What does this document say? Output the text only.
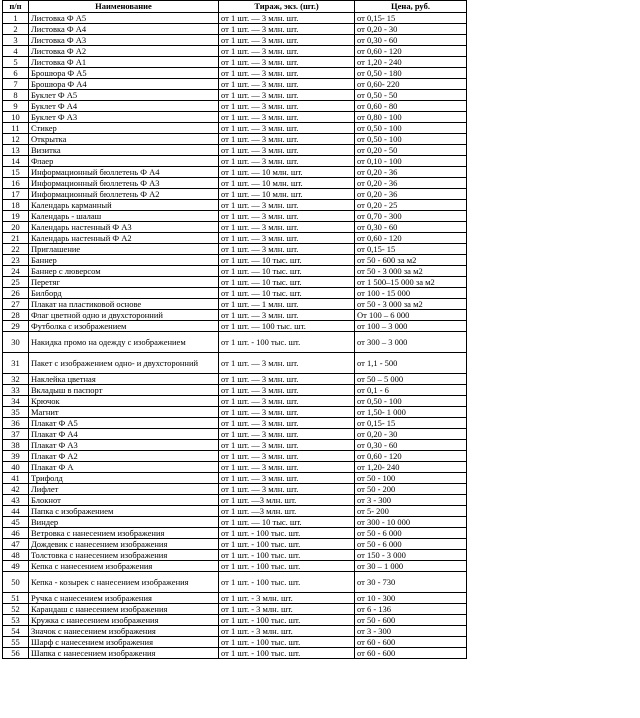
п/п	Наименование	Тираж, экз. (шт.)	Цена, руб.
1	Листовка Ф А5	от 1 шт. — 3 млн. шт.	от 0,15- 15
2	Листовка Ф А4	от 1 шт. — 3 млн. шт.	от 0,20 - 30
3	Листовка Ф А3	от 1 шт. — 3 млн. шт.	от 0,30 - 60
4	Листовка Ф А2	от 1 шт. — 3 млн. шт.	от 0,60 - 120
5	Листовка Ф А1	от 1 шт. — 3 млн. шт.	от 1,20 - 240
6	Брошюра Ф А5	от 1 шт. — 3 млн. шт.	от 0,50 - 180
7	Брошюра Ф А4	от 1 шт. — 3 млн. шт.	от 0,60- 220
8	Буклет Ф А5	от 1 шт. — 3 млн. шт.	от 0,50 - 50
9	Буклет Ф А4	от 1 шт. — 3 млн. шт.	от 0,60 - 80
10	Буклет Ф А3	от 1 шт. — 3 млн. шт.	от 0,80 - 100
11	Стикер	от 1 шт. — 3 млн. шт.	от 0,50 - 100
12	Открытка	от 1 шт. — 3 млн. шт.	от 0,50 - 100
13	Визитка	от 1 шт. — 3 млн. шт.	от 0,20 - 50
14	Флаер	от 1 шт. — 3 млн. шт.	от 0,10 - 100
15	Информационный бюллетень Ф А4	от 1 шт. — 10 млн. шт.	от 0,20 - 36
16	Информационный бюллетень Ф А3	от 1 шт. — 10 млн. шт.	от 0,20 - 36
17	Информационный бюллетень Ф А2	от 1 шт. — 10 млн. шт.	от 0,20 - 36
18	Календарь карманный	от 1 шт. — 3 млн. шт.	от 0,20 - 25
19	Календарь - шалаш	от 1 шт. — 3 млн. шт.	от 0,70 - 300
20	Календарь настенный Ф А3	от 1 шт. — 3 млн. шт.	от 0,30 - 60
21	Календарь настенный Ф А2	от 1 шт. — 3 млн. шт.	от 0,60 - 120
22	Приглашение	от 1 шт. — 3 млн. шт.	от 0,15- 15
23	Баннер	от 1 шт. — 10 тыс. шт.	от 50 - 600 за м2
24	Баннер с люверсом	от 1 шт. — 10 тыс. шт.	от 50 - 3 000 за м2
25	Перетяг	от 1 шт. — 10 тыс. шт.	от 1 500–15 000 за м2
26	Билборд	от 1 шт. — 10 тыс. шт.	от 100 - 15 000
27	Плакат на пластиковой основе	от 1 шт. — 1 млн. шт.	от 50 - 3 000 за м2
28	Флаг цветной одно и двухсторонний	от 1 шт. — 3 млн. шт.	От 100 – 6 000
29	Футболка с изображением	от 1 шт. — 100 тыс. шт.	от 100 – 3 000
30	Накидка промо на одежду с изображением	от 1 шт. - 100 тыс. шт.	от 300 – 3 000
31	Пакет с изображением одно- и двухсторонний	от 1 шт. — 3 млн. шт.	от 1,1 - 500
32	Наклейка цветная	от 1 шт. — 3 млн. шт.	от 50 – 5 000
33	Вкладыш в паспорт	от 1 шт. — 3 млн. шт.	от 0,1 - 6
34	Крючок	от 1 шт. — 3 млн. шт.	от 0,50 - 100
35	Магнит	от 1 шт. — 3 млн. шт.	от 1,50- 1 000
36	Плакат Ф А5	от 1 шт. — 3 млн. шт.	от 0,15- 15
37	Плакат Ф А4	от 1 шт. — 3 млн. шт.	от 0,20 - 30
38	Плакат Ф А3	от 1 шт. — 3 млн. шт.	от 0,30 - 60
39	Плакат Ф А2	от 1 шт. — 3 млн. шт.	от 0,60 - 120
40	Плакат Ф А	от 1 шт. — 3 млн. шт.	от 1,20- 240
41	Трифолд	от 1 шт. — 3 млн. шт.	от 50 - 100
42	Лифлет	от 1 шт. — 3 млн. шт.	от 50 - 200
43	Блокнот	от 1 шт. —3 млн. шт.	от 3 - 300
44	Папка с изображением	от 1 шт. —3 млн. шт.	от 5- 200
45	Виндер	от 1 шт. — 10 тыс. шт.	от 300 - 10 000
46	Ветровка с нанесением изображения	от 1 шт. - 100 тыс. шт.	от 50 - 6 000
47	Дождевик с нанесением изображения	от 1 шт. - 100 тыс. шт.	от 50 - 6 000
48	Толстовка с нанесением изображения	от 1 шт. - 100 тыс. шт.	от 150 - 3 000
49	Кепка с нанесением изображения	от 1 шт. - 100 тыс. шт.	от 30 – 1 000
50	Кепка - козырек с нанесением изображения	от 1 шт. - 100 тыс. шт.	от 30 - 730
51	Ручка с нанесением изображения	от 1 шт. - 3 млн. шт.	от 10 - 300
52	Карандаш с нанесением изображения	от 1 шт. - 3 млн. шт.	от 6 - 136
53	Кружка с нанесением изображения	от 1 шт. - 100 тыс. шт.	от 50 - 600
54	Значок с нанесением изображения	от 1 шт. - 3 млн. шт.	от 3 - 300
55	Шарф с нанесением изображения	от 1 шт. - 100 тыс. шт.	от 60 - 600
56	Шапка с нанесением изображения	от 1 шт. - 100 тыс. шт.	от 60 - 600
